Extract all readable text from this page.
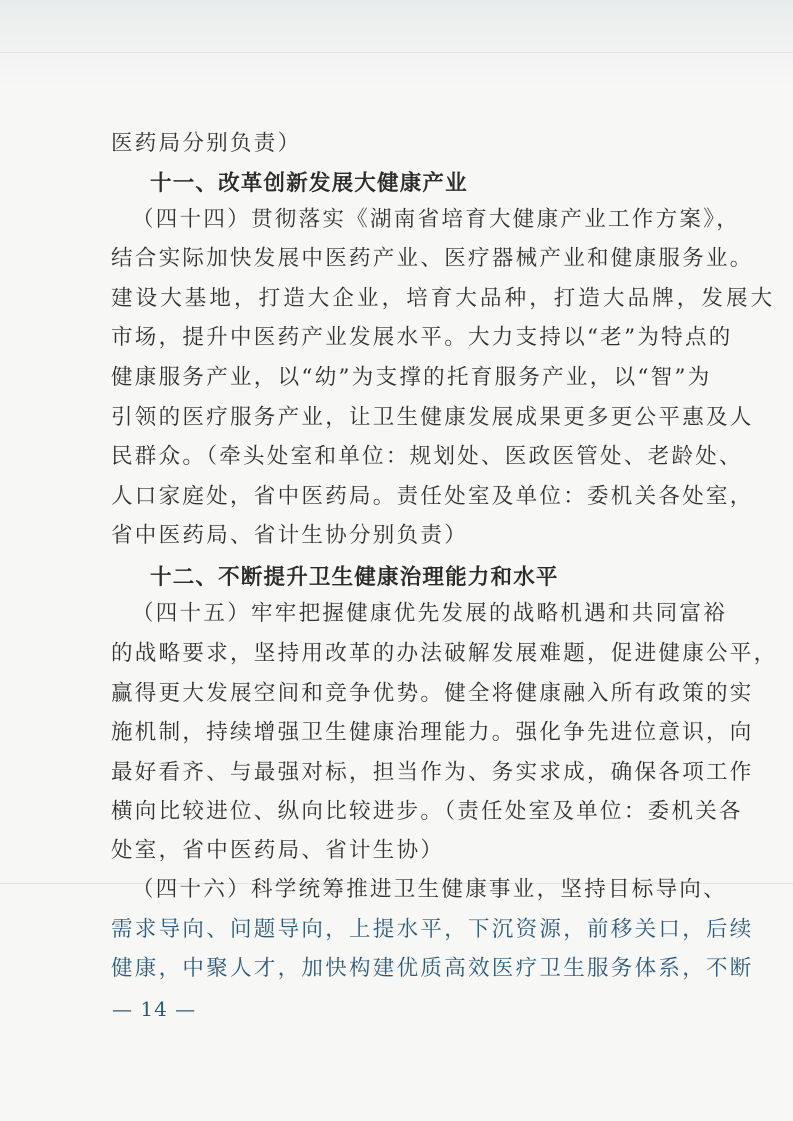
医药局分别负责）
十一、改革创新发展大健康产业
（四十四）贯彻落实《湖南省培育大健康产业工作方案》，
结合实际加快发展中医药产业、医疗器械产业和健康服务业。
建设大基地，打造大企业，培育大品种，打造大品牌，发展大
市场，提升中医药产业发展水平。大力支持以“老”为特点的
健康服务产业，以“幼”为支撑的托育服务产业，以“智”为
引领的医疗服务产业，让卫生健康发展成果更多更公平惠及人
民群众。（牵头处室和单位：规划处、医政医管处、老龄处、
人口家庭处，省中医药局。责任处室及单位：委机关各处室，
省中医药局、省计生协分别负责）
十二、不断提升卫生健康治理能力和水平
（四十五）牢牢把握健康优先发展的战略机遇和共同富裕
的战略要求，坚持用改革的办法破解发展难题，促进健康公平，
赢得更大发展空间和竞争优势。健全将健康融入所有政策的实
施机制，持续增强卫生健康治理能力。强化争先进位意识，向
最好看齐、与最强对标，担当作为、务实求成，确保各项工作
横向比较进位、纵向比较进步。（责任处室及单位：委机关各
处室，省中医药局、省计生协）
（四十六）科学统筹推进卫生健康事业，坚持目标导向、
需求导向、问题导向，上提水平，下沉资源，前移关口，后续
健康，中聚人才，加快构建优质高效医疗卫生服务体系，不断
— 14 —
